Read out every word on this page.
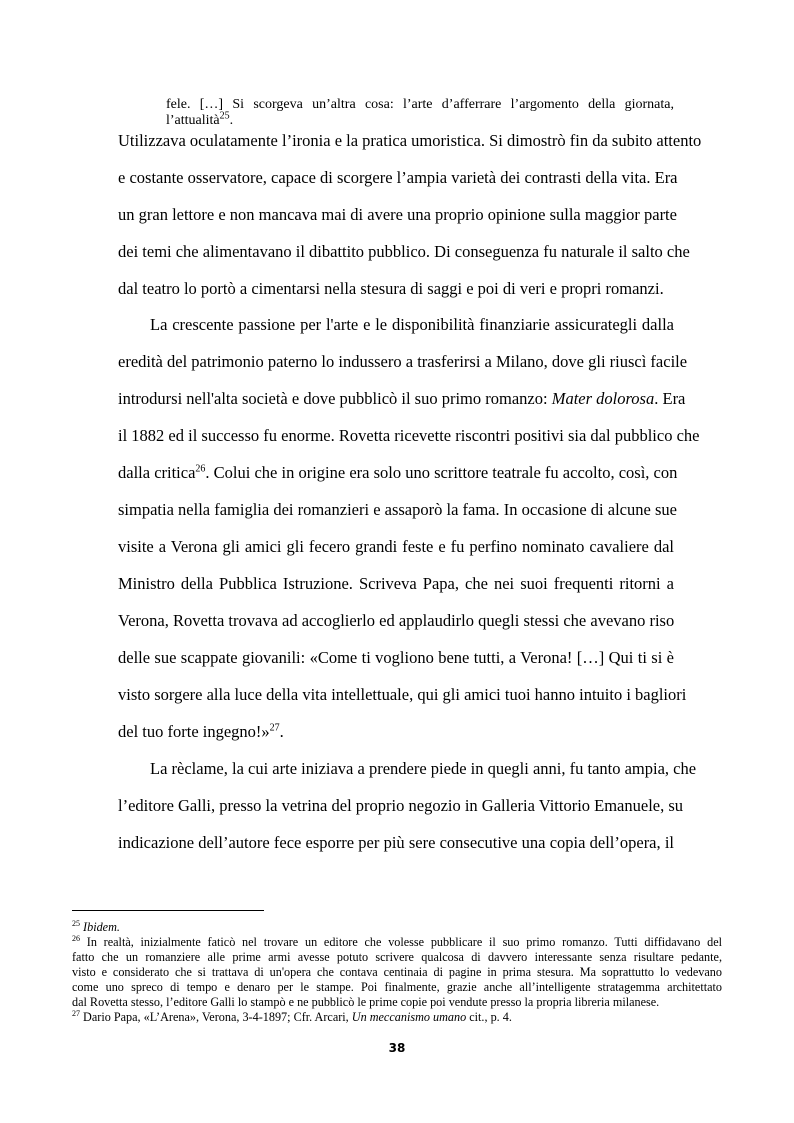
fele. […] Si scorgeva un’altra cosa: l’arte d’afferrare l’argomento della giornata,
l’attualità$^{25}$.
Utilizzava oculatamente l’ironia e la pratica umoristica. Si dimostrò fin da subito attento
e costante osservatore, capace di scorgere l’ampia varietà dei contrasti della vita. Era
un gran lettore e non mancava mai di avere una proprio opinione sulla maggior parte
dei temi che alimentavano il dibattito pubblico. Di conseguenza fu naturale il salto che
dal teatro lo portò a cimentarsi nella stesura di saggi e poi di veri e propri romanzi.
La crescente passione per l'arte e le disponibilità finanziarie assicurategli dalla
eredità del patrimonio paterno lo indussero a trasferirsi a Milano, dove gli riuscì facile
introdursi nell'alta società e dove pubblicò il suo primo romanzo: Mater dolorosa. Era
il 1882 ed il successo fu enorme. Rovetta ricevette riscontri positivi sia dal pubblico che
dalla critica$^{26}$. Colui che in origine era solo uno scrittore teatrale fu accolto, così, con
simpatia nella famiglia dei romanzieri e assaporò la fama. In occasione di alcune sue
visite a Verona gli amici gli fecero grandi feste e fu perfino nominato cavaliere dal
Ministro della Pubblica Istruzione. Scriveva Papa, che nei suoi frequenti ritorni a
Verona, Rovetta trovava ad accoglierlo ed applaudirlo quegli stessi che avevano riso
delle sue scappate giovanili: «Come ti vogliono bene tutti, a Verona! […] Qui ti si è
visto sorgere alla luce della vita intellettuale, qui gli amici tuoi hanno intuito i bagliori
del tuo forte ingegno!»$^{27}$.
La rèclame, la cui arte iniziava a prendere piede in quegli anni, fu tanto ampia, che
l’editore Galli, presso la vetrina del proprio negozio in Galleria Vittorio Emanuele, su
indicazione dell’autore fece esporre per più sere consecutive una copia dell’opera, il
$^{25}$ Ibidem.
$^{26}$ In realtà, inizialmente faticò nel trovare un editore che volesse pubblicare il suo primo romanzo. Tutti diffidavano del
fatto che un romanziere alle prime armi avesse potuto scrivere qualcosa di davvero interessante senza risultare pedante,
visto e considerato che si trattava di un'opera che contava centinaia di pagine in prima stesura. Ma soprattutto lo vedevano
come uno spreco di tempo e denaro per le stampe. Poi finalmente, grazie anche all’intelligente stratagemma architettato
dal Rovetta stesso, l’editore Galli lo stampò e ne pubblicò le prime copie poi vendute presso la propria libreria milanese.
$^{27}$ Dario Papa, «L’Arena», Verona, 3-4-1897; Cfr. Arcari, Un meccanismo umano cit., p. 4.
38
